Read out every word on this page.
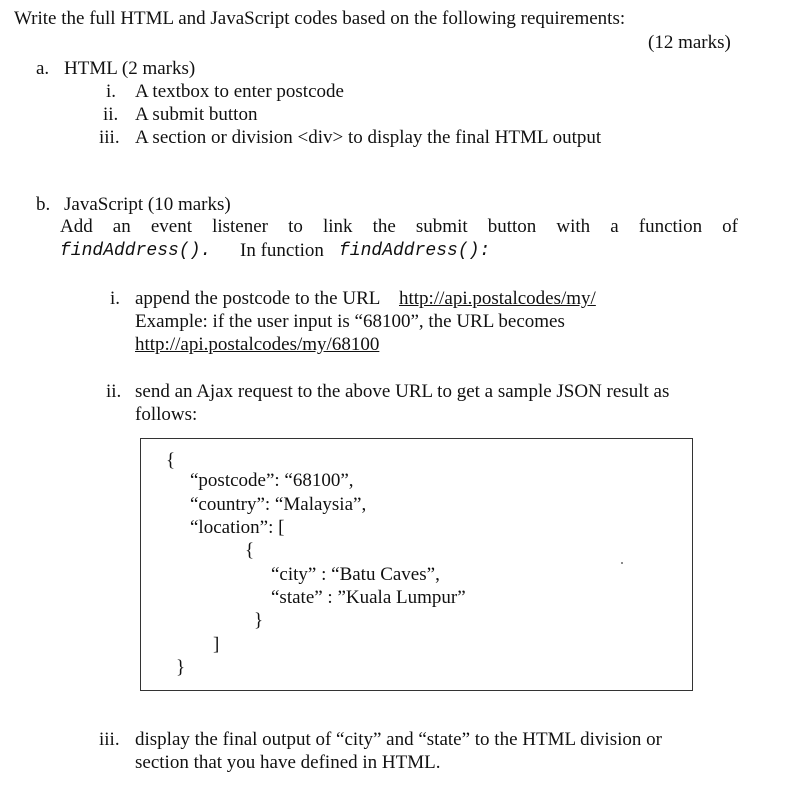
Write the full HTML and JavaScript codes based on the following requirements:
(12 marks)
a. HTML (2 marks)
i. A textbox to enter postcode
ii. A submit button
iii. A section or division <div> to display the final HTML output
b. JavaScript (10 marks)
Add an event listener to link the submit button with a function of
findAddress(). In function findAddress():
i. append the postcode to the URL http://api.postalcodes/my/
Example: if the user input is “68100”, the URL becomes
http://api.postalcodes/my/68100
ii. send an Ajax request to the above URL to get a sample JSON result as
follows:
{
“postcode”: “68100”,
“country”: “Malaysia”,
“location”: [
{
“city” : “Batu Caves”,
“state” : ”Kuala Lumpur”
}
]
}
iii. display the final output of “city” and “state” to the HTML division or
section that you have defined in HTML.
